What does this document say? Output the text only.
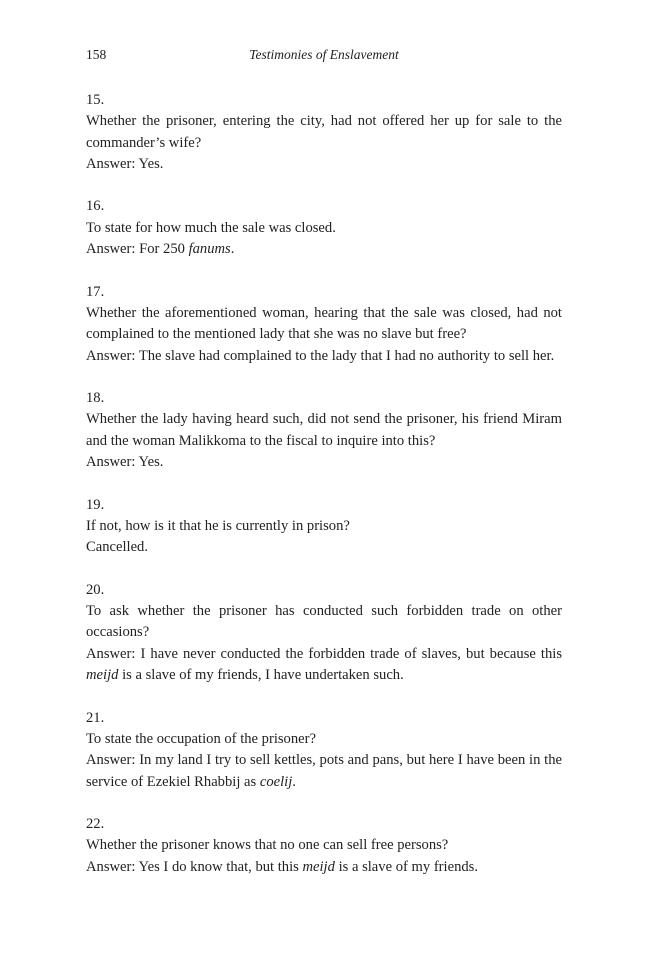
158	Testimonies of Enslavement
15.
Whether the prisoner, entering the city, had not offered her up for sale to the commander’s wife?
Answer: Yes.
16.
To state for how much the sale was closed.
Answer: For 250 fanums.
17.
Whether the aforementioned woman, hearing that the sale was closed, had not complained to the mentioned lady that she was no slave but free?
Answer: The slave had complained to the lady that I had no authority to sell her.
18.
Whether the lady having heard such, did not send the prisoner, his friend Miram and the woman Malikkoma to the fiscal to inquire into this?
Answer: Yes.
19.
If not, how is it that he is currently in prison?
Cancelled.
20.
To ask whether the prisoner has conducted such forbidden trade on other occasions?
Answer: I have never conducted the forbidden trade of slaves, but because this meijd is a slave of my friends, I have undertaken such.
21.
To state the occupation of the prisoner?
Answer: In my land I try to sell kettles, pots and pans, but here I have been in the service of Ezekiel Rhabbij as coelij.
22.
Whether the prisoner knows that no one can sell free persons?
Answer: Yes I do know that, but this meijd is a slave of my friends.
